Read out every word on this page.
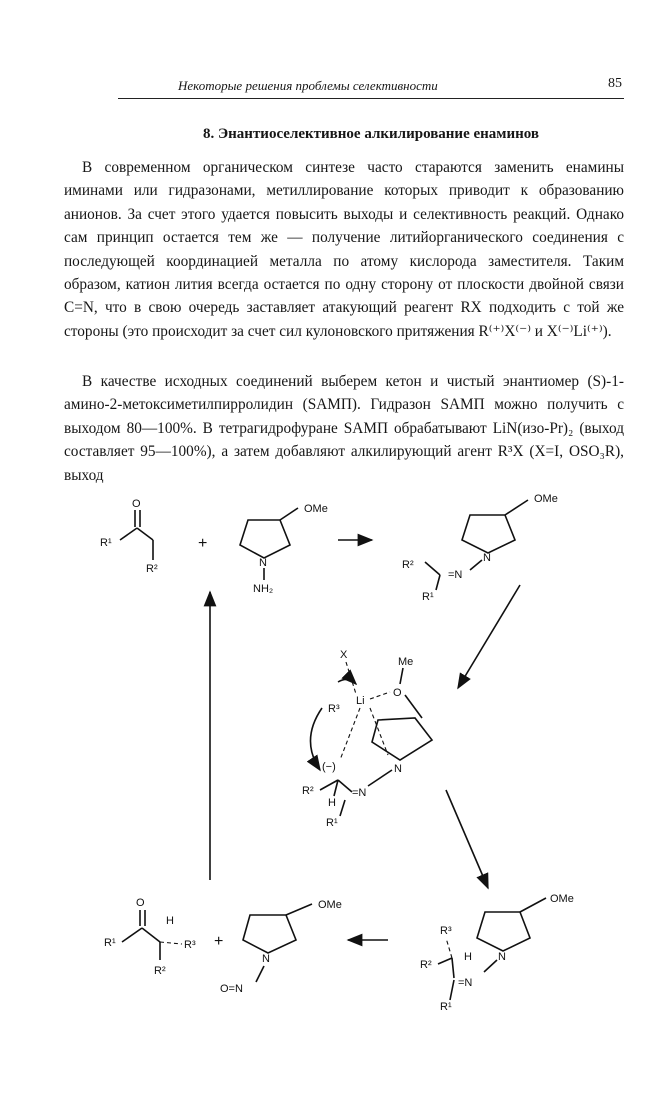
Некоторые решения проблемы селективности	85
8. Энантиоселективное алкилирование енаминов

В современном органическом синтезе часто стараются заменить енамины иминами или гидразонами, метиллирование которых приводит к образованию анионов. За счет этого удается повысить выходы и селективность реакций. Однако сам принцип остается тем же — получение литийорганического соединения с последующей координацией металла по атому кислорода заместителя. Таким образом, катион лития всегда остается по одну сторону от плоскости двойной связи C=N, что в свою очередь заставляет атакующий реагент RX подходить с той же стороны (это происходит за счет сил кулоновского притяжения R⁽⁺⁾X⁽⁻⁾ и X⁽⁻⁾Li⁽⁺⁾).

В качестве исходных соединений выберем кетон и чистый энантиомер (S)-1-амино-2-метоксиметилпирролидин (SAMП). Гидразон SAMП можно получить с выходом 80—100%. В тетрагидрофуране SAMП обрабатывают LiN(изо-Pr)₂ (выход составляет 95—100%), а затем добавляют алкилирующий агент R³X (X=I, OSO₃R), выход

O
R¹
R²
+
OMe
N
NH₂
OMe
N
=N
R²
R¹
X
Me
O
Li
R³
N
(−)
R²
H
=N
R¹
OMe
N
=N
R³
H
R²
R¹
OMe
N
O=N
+
O
H
R³
R²
R¹
